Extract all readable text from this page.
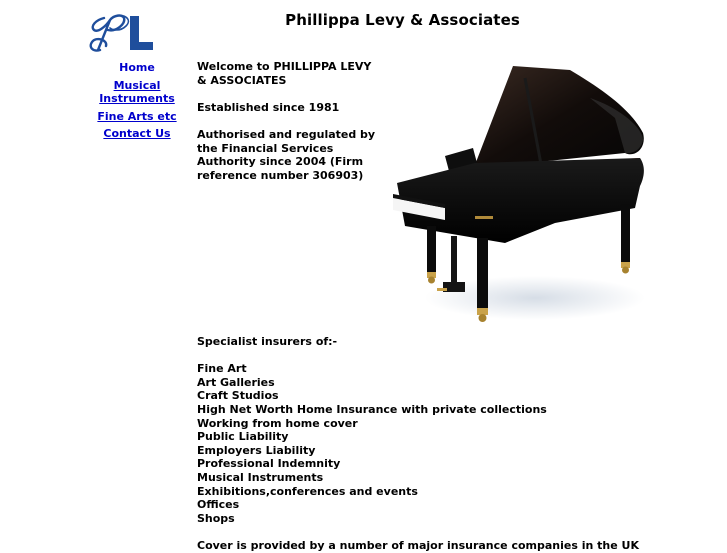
Phillippa Levy & Associates
Home
Musical Instruments
Fine Arts etc
Contact Us

Welcome to PHILLIPPA LEVY & ASSOCIATES

Established since 1981

Authorised and regulated by the Financial Services Authority since 2004 (Firm reference number 306903)

Specialist insurers of:-
Fine Art
Art Galleries
Craft Studios
High Net Worth Home Insurance with private collections
Working from home cover
Public Liability
Employers Liability
Professional Indemnity
Musical Instruments
Exhibitions,conferences and events
Offices
Shops
Cover is provided by a number of major insurance companies in the UK
